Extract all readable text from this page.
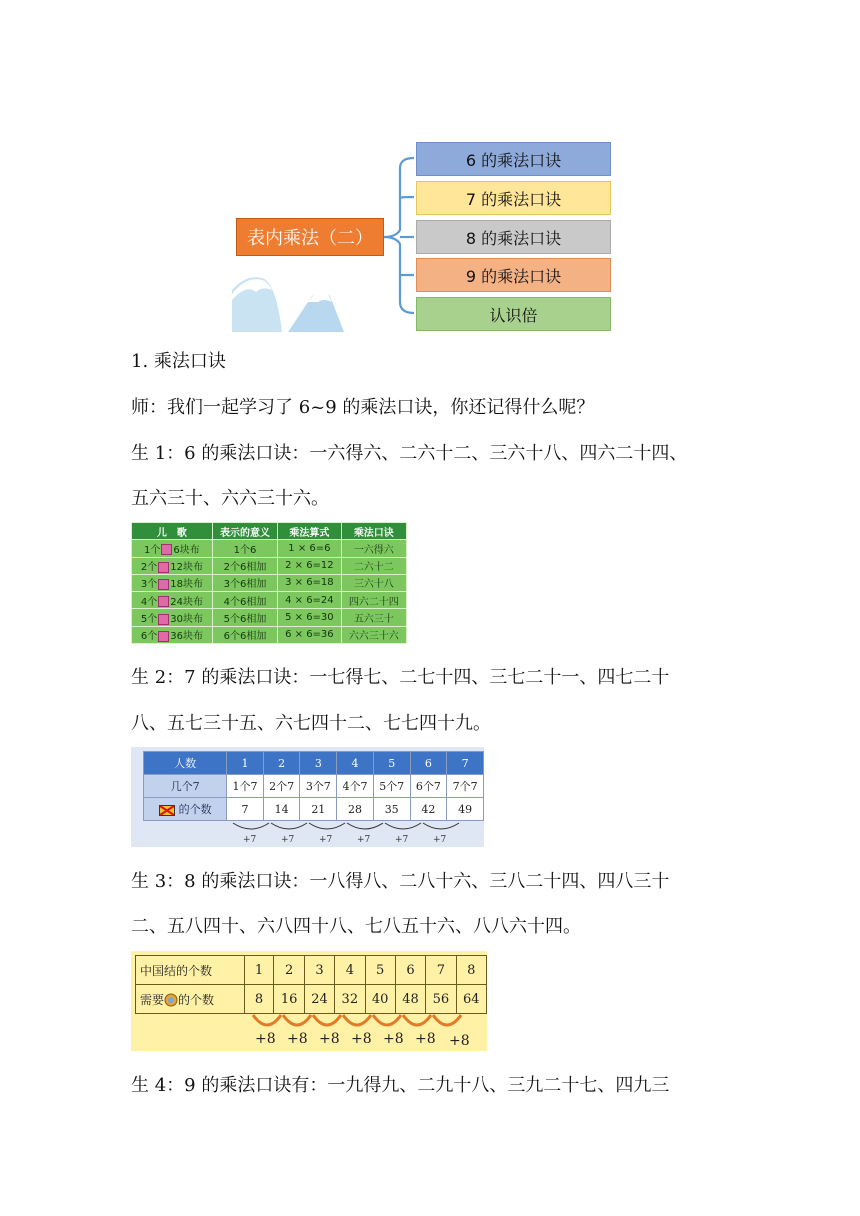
表内乘法（二）
6 的乘法口诀
7 的乘法口诀
8 的乘法口诀
9 的乘法口诀
认识倍
1. 乘法口诀
师：我们一起学习了 6~9 的乘法口诀，你还记得什么呢？
生 1：6 的乘法口诀：一六得六、二六十二、三六十八、四六二十四、
五六三十、六六三十六。
儿　歌	表示的意义	乘法算式	乘法口诀
1个 6块布	1个6	1 × 6=6	一六得六
2个 12块布	2个6相加	2 × 6=12	二六十二
3个 18块布	3个6相加	3 × 6=18	三六十八
4个 24块布	4个6相加	4 × 6=24	四六二十四
5个 30块布	5个6相加	5 × 6=30	五六三十
6个 36块布	6个6相加	6 × 6=36	六六三十六
生 2：7 的乘法口诀：一七得七、二七十四、三七二十一、四七二十
八、五七三十五、六七四十二、七七四十九。
人数	1	2	3	4	5	6	7
几个7	1个7	2个7	3个7	4个7	5个7	6个7	7个7
的个数	7	14	21	28	35	42	49
+7	+7	+7	+7	+7	+7
生 3：8 的乘法口诀：一八得八、二八十六、三八二十四、四八三十
二、五八四十、六八四十八、七八五十六、八八六十四。
中国结的个数	1	2	3	4	5	6	7	8
需要 的个数	8	16	24	32	40	48	56	64
+8 +8 +8 +8 +8 +8 +8
生 4：9 的乘法口诀有：一九得九、二九十八、三九二十七、四九三
